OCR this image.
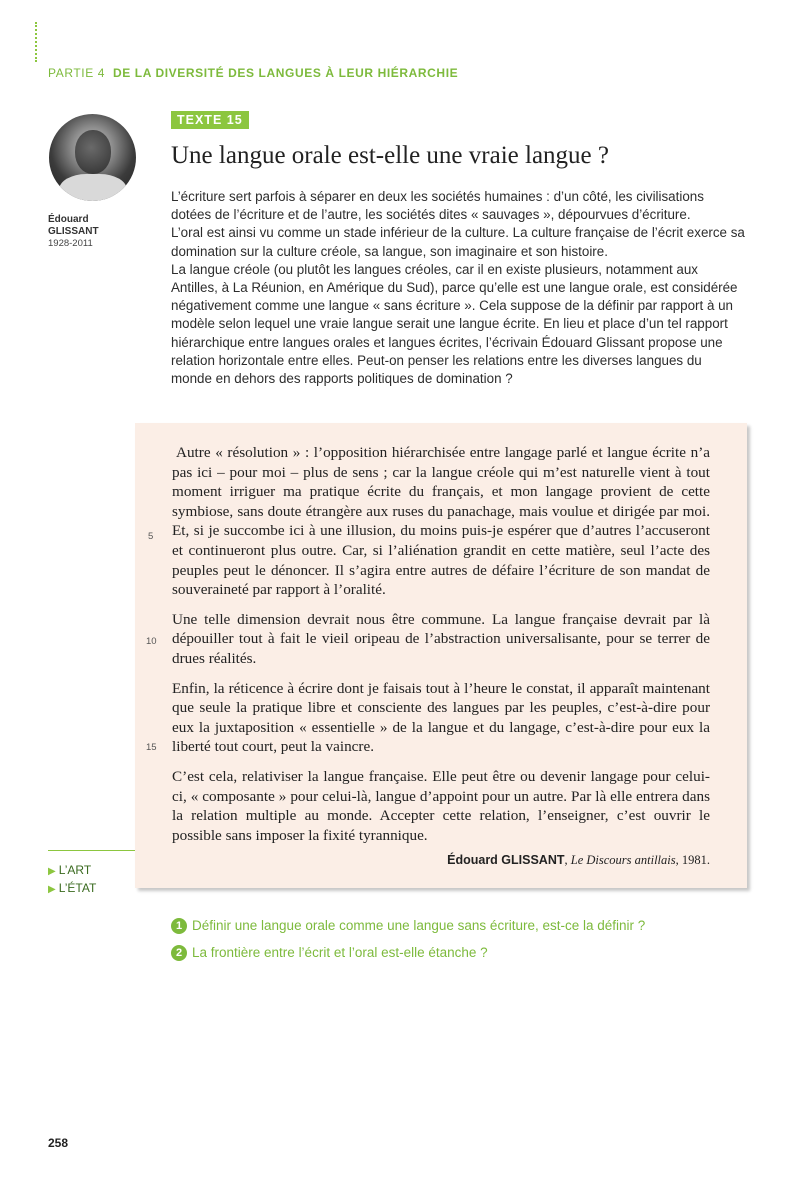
PARTIE 4 DE LA DIVERSITÉ DES LANGUES À LEUR HIÉRARCHIE
Édouard
GLISSANT
1928-2011
TEXTE 15
Une langue orale est-elle une vraie langue ?

L’écriture sert parfois à séparer en deux les sociétés humaines : d’un côté, les civilisations dotées de l’écriture et de l’autre, les sociétés dites « sauvages », dépourvues d’écriture.

L’oral est ainsi vu comme un stade inférieur de la culture. La culture française de l’écrit exerce sa domination sur la culture créole, sa langue, son imaginaire et son histoire.

La langue créole (ou plutôt les langues créoles, car il en existe plusieurs, notamment aux Antilles, à La Réunion, en Amérique du Sud), parce qu’elle est une langue orale, est considérée négativement comme une langue « sans écriture ». Cela suppose de la définir par rapport à un modèle selon lequel une vraie langue serait une langue écrite. En lieu et place d’un tel rapport hiérarchique entre langues orales et langues écrites, l’écrivain Édouard Glissant propose une relation horizontale entre elles. Peut-on penser les relations entre les diverses langues du monde en dehors des rapports politiques de domination ?

Autre « résolution » : l’opposition hiérarchisée entre langage parlé et langue écrite n’a pas ici – pour moi – plus de sens ; car la langue créole qui m’est naturelle vient à tout moment irriguer ma pratique écrite du français, et mon langage provient de cette symbiose, sans doute étrangère aux ruses du panachage, mais voulue et dirigée par moi. Et, si je succombe ici à une illusion, du moins puis-je espérer que d’autres l’accuseront et continueront plus outre. Car, si l’aliénation grandit en cette matière, seul l’acte des peuples peut le dénoncer. Il s’agira entre autres de défaire l’écriture de son mandat de souveraineté par rapport à l’oralité.

Une telle dimension devrait nous être commune. La langue française devrait par là dépouiller tout à fait le vieil oripeau de l’abstraction universalisante, pour se terrer de drues réalités.

Enfin, la réticence à écrire dont je faisais tout à l’heure le constat, il apparaît maintenant que seule la pratique libre et consciente des langues par les peuples, c’est-à-dire pour eux la juxtaposition « essentielle » de la langue et du langage, c’est-à-dire pour eux la liberté tout court, peut la vaincre.

C’est cela, relativiser la langue française. Elle peut être ou devenir langage pour celui-ci, « composante » pour celui-là, langue d’appoint pour un autre. Par là elle entrera dans la relation multiple au monde. Accepter cette relation, l’enseigner, c’est ouvrir le possible sans imposer la fixité tyrannique.

5
10
15
Édouard GLISSANT, Le Discours antillais, 1981.
▶ L’ART
▶ L’ÉTAT
1 Définir une langue orale comme une langue sans écriture, est-ce la définir ?
2 La frontière entre l’écrit et l’oral est-elle étanche ?
258
